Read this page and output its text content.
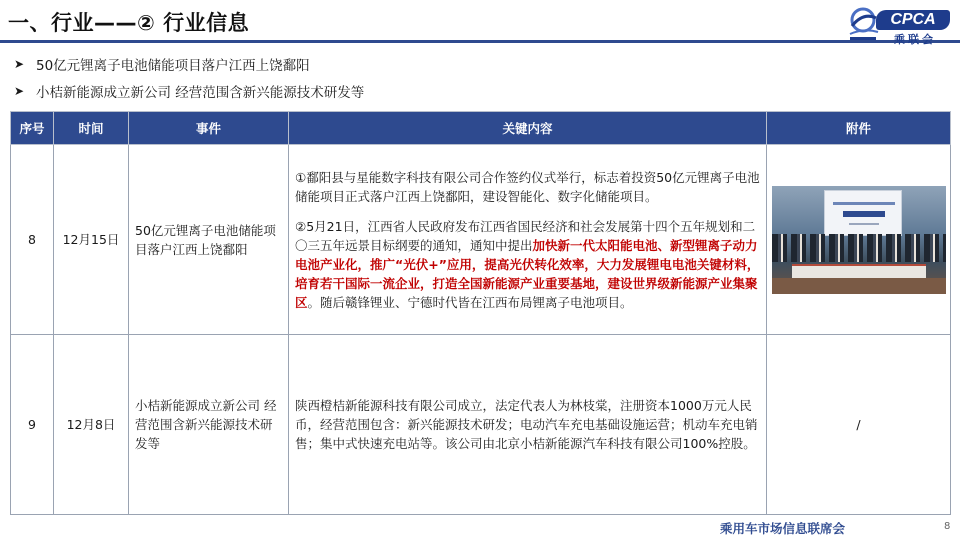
一、行业——② 行业信息	CPCA
乘联会
➤ 50亿元锂离子电池储能项目落户江西上饶鄱阳
➤ 小桔新能源成立新公司 经营范围含新兴能源技术研发等
序号	时间	事件	关键内容	附件
8	12月15日	50亿元锂离子电池储能项目落户江西上饶鄱阳	①鄱阳县与星能数字科技有限公司合作签约仪式举行，标志着投资50亿元锂离子电池储能项目正式落户江西上饶鄱阳，建设智能化、数字化储能项目。
②5月21日，江西省人民政府发布江西省国民经济和社会发展第十四个五年规划和二〇三五年远景目标纲要的通知，通知中提出加快新一代太阳能电池、新型锂离子动力电池产业化，推广“光伏+”应用，提高光伏转化效率，大力发展锂电电池关键材料，培育若干国际一流企业，打造全国新能源产业重要基地，建设世界级新能源产业集聚区。随后赣锋锂业、宁德时代皆在江西布局锂离子电池项目。	

9	12月8日	小桔新能源成立新公司 经营范围含新兴能源技术研发等	陕西橙桔新能源科技有限公司成立，法定代表人为林枝棠，注册资本1000万元人民币，经营范围包含：新兴能源技术研发；电动汽车充电基础设施运营；机动车充电销售；集中式快速充电站等。该公司由北京小桔新能源汽车科技有限公司100%控股。	/
乘用车市场信息联席会	8
